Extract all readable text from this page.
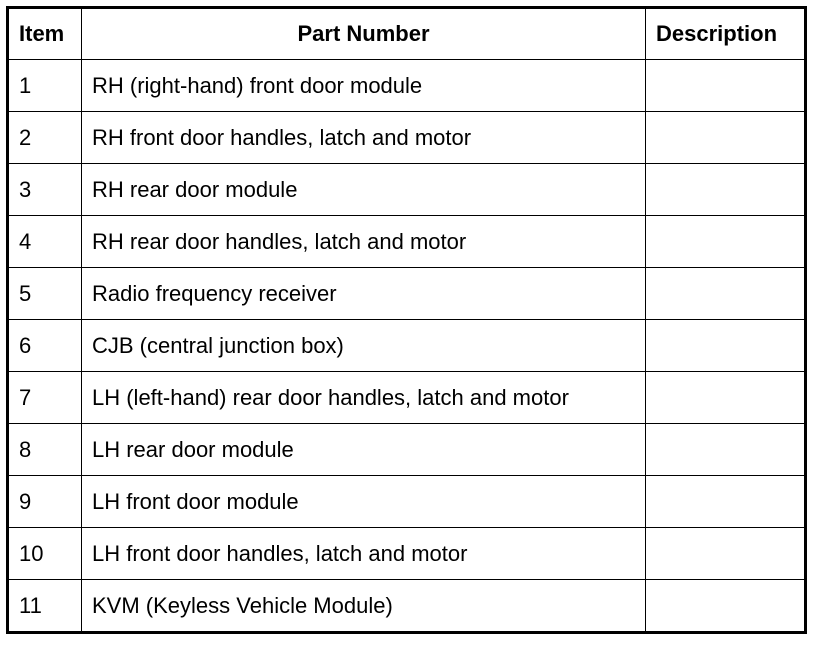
Item	Part Number	Description
1	RH (right-hand) front door module	
2	RH front door handles, latch and motor	
3	RH rear door module	
4	RH rear door handles, latch and motor	
5	Radio frequency receiver	
6	CJB (central junction box)	
7	LH (left-hand) rear door handles, latch and motor	
8	LH rear door module	
9	LH front door module	
10	LH front door handles, latch and motor	
11	KVM (Keyless Vehicle Module)	
